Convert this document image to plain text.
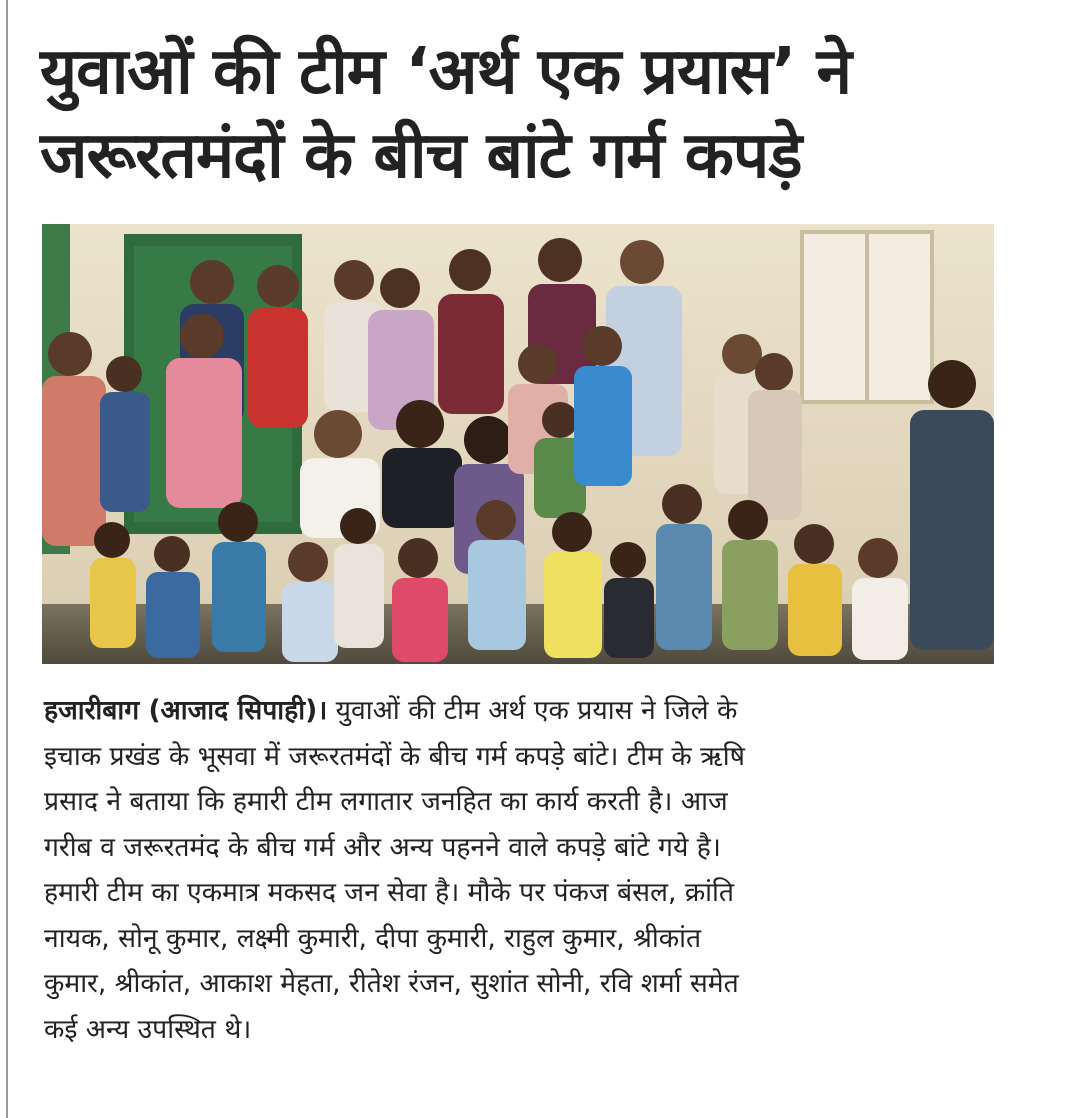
युवाओं की टीम ‘अर्थ एक प्रयास’ ने
जरूरतमंदों के बीच बांटे गर्म कपड़े
हजारीबाग (आजाद सिपाही)। युवाओं की टीम अर्थ एक प्रयास ने जिले के
इचाक प्रखंड के भूसवा में जरूरतमंदों के बीच गर्म कपड़े बांटे। टीम के ऋषि
प्रसाद ने बताया कि हमारी टीम लगातार जनहित का कार्य करती है। आज
गरीब व जरूरतमंद के बीच गर्म और अन्य पहनने वाले कपड़े बांटे गये है।
हमारी टीम का एकमात्र मकसद जन सेवा है। मौके पर पंकज बंसल, क्रांति
नायक, सोनू कुमार, लक्ष्मी कुमारी, दीपा कुमारी, राहुल कुमार, श्रीकांत
कुमार, श्रीकांत, आकाश मेहता, रीतेश रंजन, सुशांत सोनी, रवि शर्मा समेत
कई अन्य उपस्थित थे।
